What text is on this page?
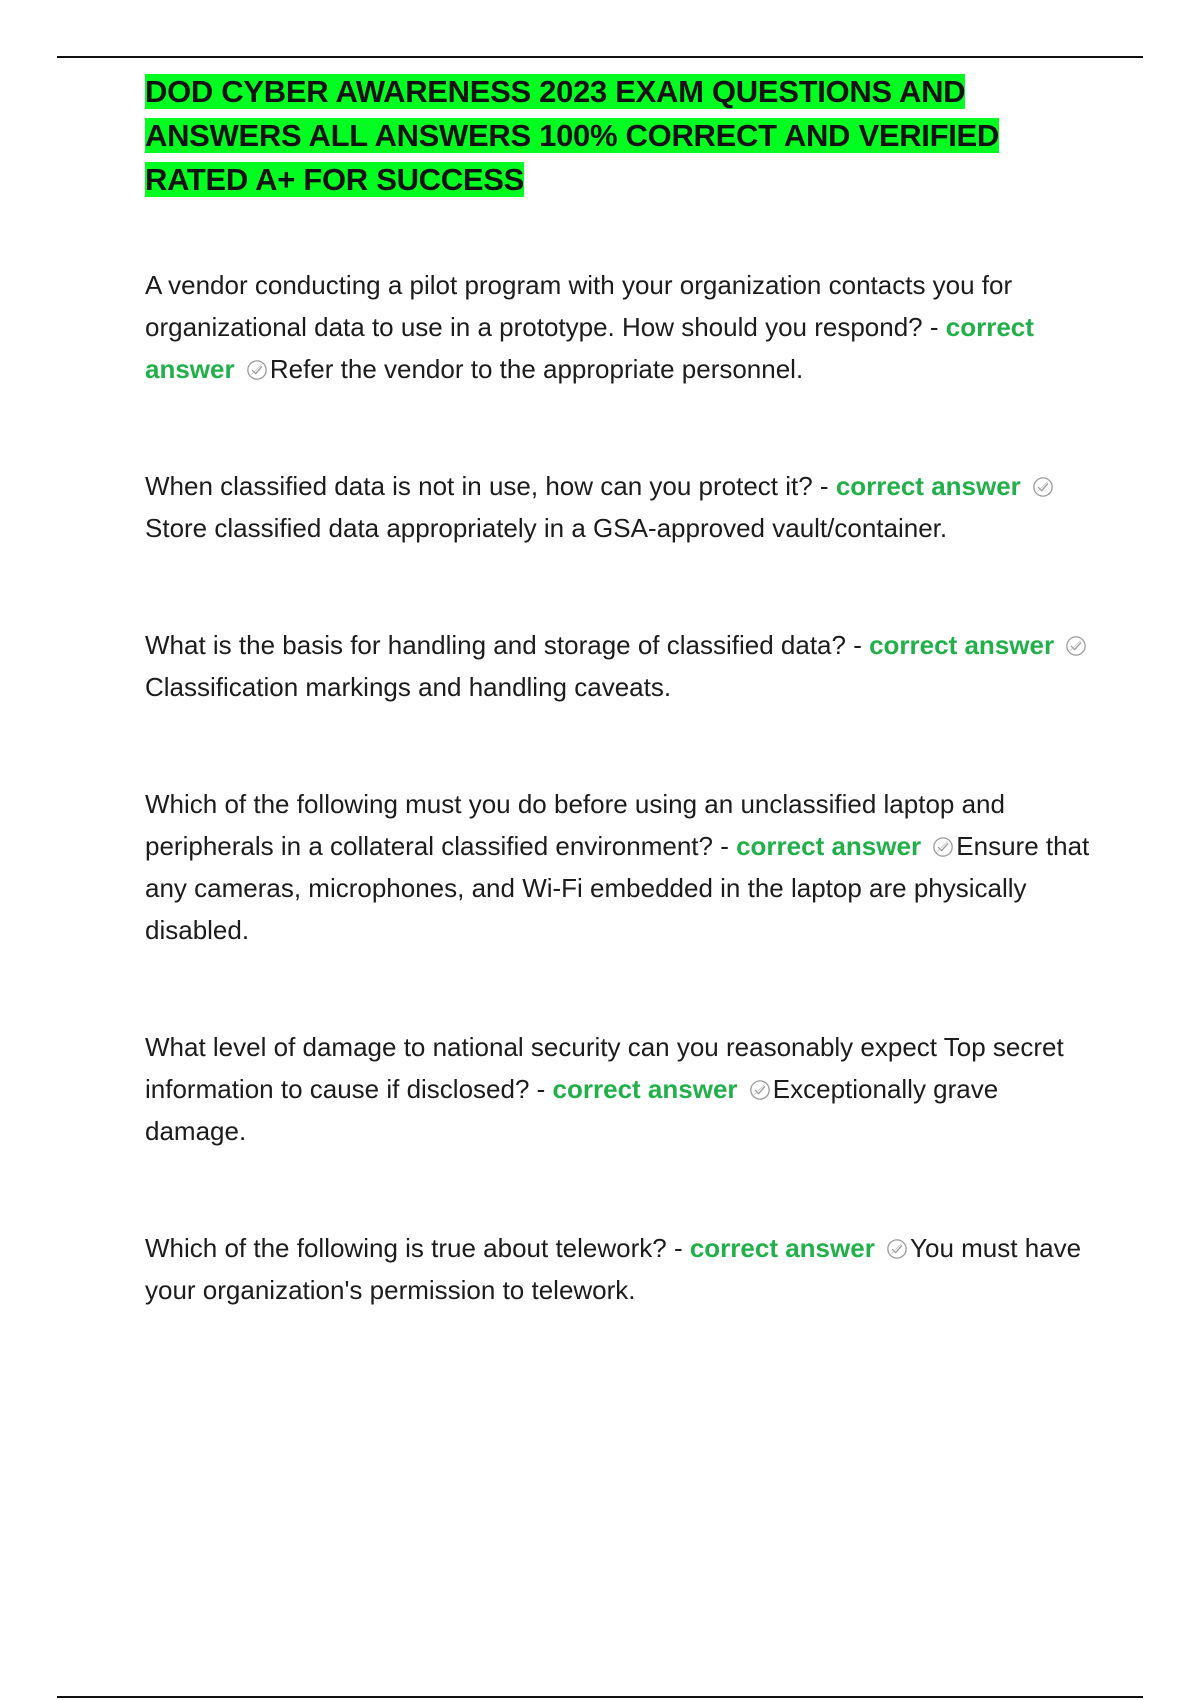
DOD CYBER AWARENESS 2023 EXAM QUESTIONS AND ANSWERS ALL ANSWERS 100% CORRECT AND VERIFIED RATED A+ FOR SUCCESS

A vendor conducting a pilot program with your organization contacts you for organizational data to use in a prototype. How should you respond? - correct answer Refer the vendor to the appropriate personnel.

When classified data is not in use, how can you protect it? - correct answer
Store classified data appropriately in a GSA-approved vault/container.

What is the basis for handling and storage of classified data? - correct answer
Classification markings and handling caveats.

Which of the following must you do before using an unclassified laptop and peripherals in a collateral classified environment? - correct answer Ensure that any cameras, microphones, and Wi-Fi embedded in the laptop are physically disabled.

What level of damage to national security can you reasonably expect Top secret information to cause if disclosed? - correct answer Exceptionally grave damage.

Which of the following is true about telework? - correct answer You must have your organization's permission to telework.
